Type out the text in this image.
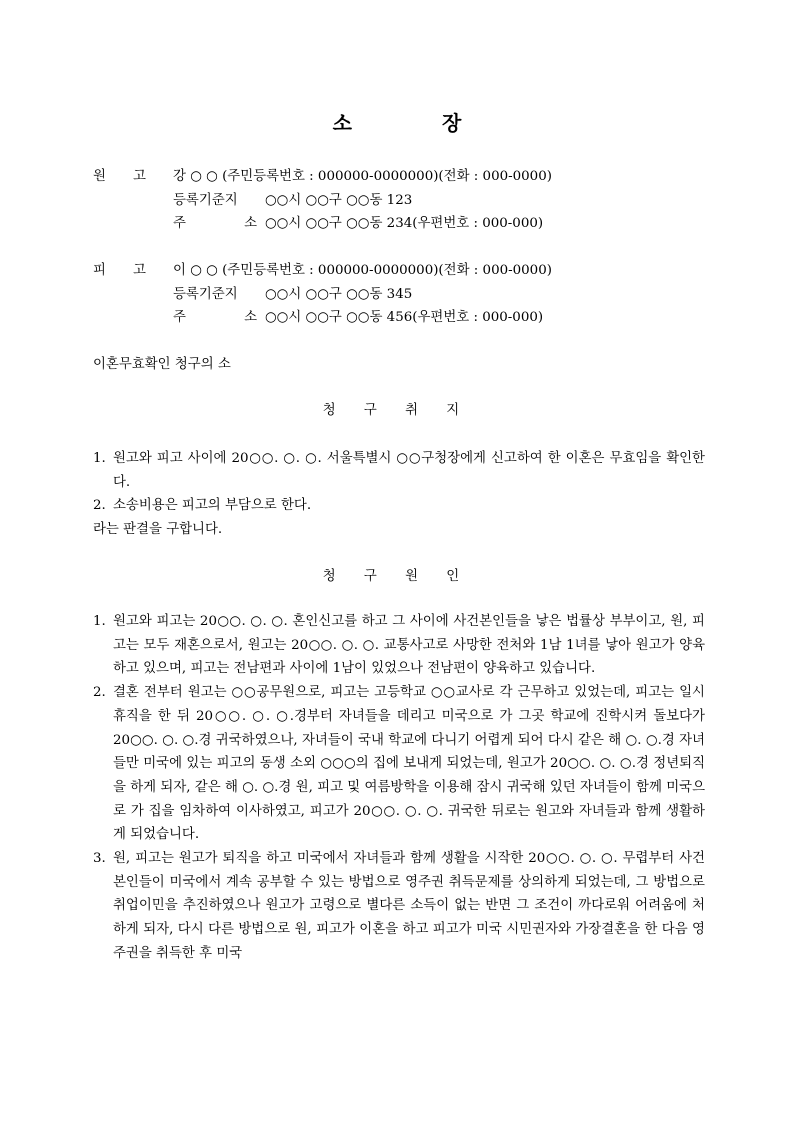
소	장
원	고	강 ○ ○ (주민등록번호 : 000000-0000000)(전화 : 000-0000)
등록기준지	○○시 ○○구 ○○동 123
주	소 ○○시 ○○구 ○○동 234(우편번호 : 000-000)
피	고	이 ○ ○ (주민등록번호 : 000000-0000000)(전화 : 000-0000)
등록기준지	○○시 ○○구 ○○동 345
주	소 ○○시 ○○구 ○○동 456(우편번호 : 000-000)
이혼무효확인 청구의 소
청 구 취 지
1. 원고와 피고 사이에 20○○. ○. ○. 서울특별시 ○○구청장에게 신고하여 한 이혼은 무효임을 확인한다.
2. 소송비용은 피고의 부담으로 한다.
라는 판결을 구합니다.
청 구 원 인
1. 원고와 피고는 20○○. ○. ○. 혼인신고를 하고 그 사이에 사건본인들을 낳은 법률상 부부이고, 원, 피고는 모두 재혼으로서, 원고는 20○○. ○. ○. 교통사고로 사망한 전처와 1남 1녀를 낳아 원고가 양육하고 있으며, 피고는 전남편과 사이에 1남이 있었으나 전남편이 양육하고 있습니다.
2. 결혼 전부터 원고는 ○○공무원으로, 피고는 고등학교 ○○교사로 각 근무하고 있었는데, 피고는 일시 휴직을 한 뒤 20○○. ○. ○.경부터 자녀들을 데리고 미국으로 가 그곳 학교에 진학시켜 돌보다가 20○○. ○. ○.경 귀국하였으나, 자녀들이 국내 학교에 다니기 어렵게 되어 다시 같은 해 ○. ○.경 자녀들만 미국에 있는 피고의 동생 소외 ○○○의 집에 보내게 되었는데, 원고가 20○○. ○. ○.경 정년퇴직을 하게 되자, 같은 해 ○. ○.경 원, 피고 및 여름방학을 이용해 잠시 귀국해 있던 자녀들이 함께 미국으로 가 집을 임차하여 이사하였고, 피고가 20○○. ○. ○. 귀국한 뒤로는 원고와 자녀들과 함께 생활하게 되었습니다.
3. 원, 피고는 원고가 퇴직을 하고 미국에서 자녀들과 함께 생활을 시작한 20○○. ○. ○. 무렵부터 사건본인들이 미국에서 계속 공부할 수 있는 방법으로 영주권 취득문제를 상의하게 되었는데, 그 방법으로 취업이민을 추진하였으나 원고가 고령으로 별다른 소득이 없는 반면 그 조건이 까다로워 어려움에 처하게 되자, 다시 다른 방법으로 원, 피고가 이혼을 하고 피고가 미국 시민권자와 가장결혼을 한 다음 영주권을 취득한 후 미국
